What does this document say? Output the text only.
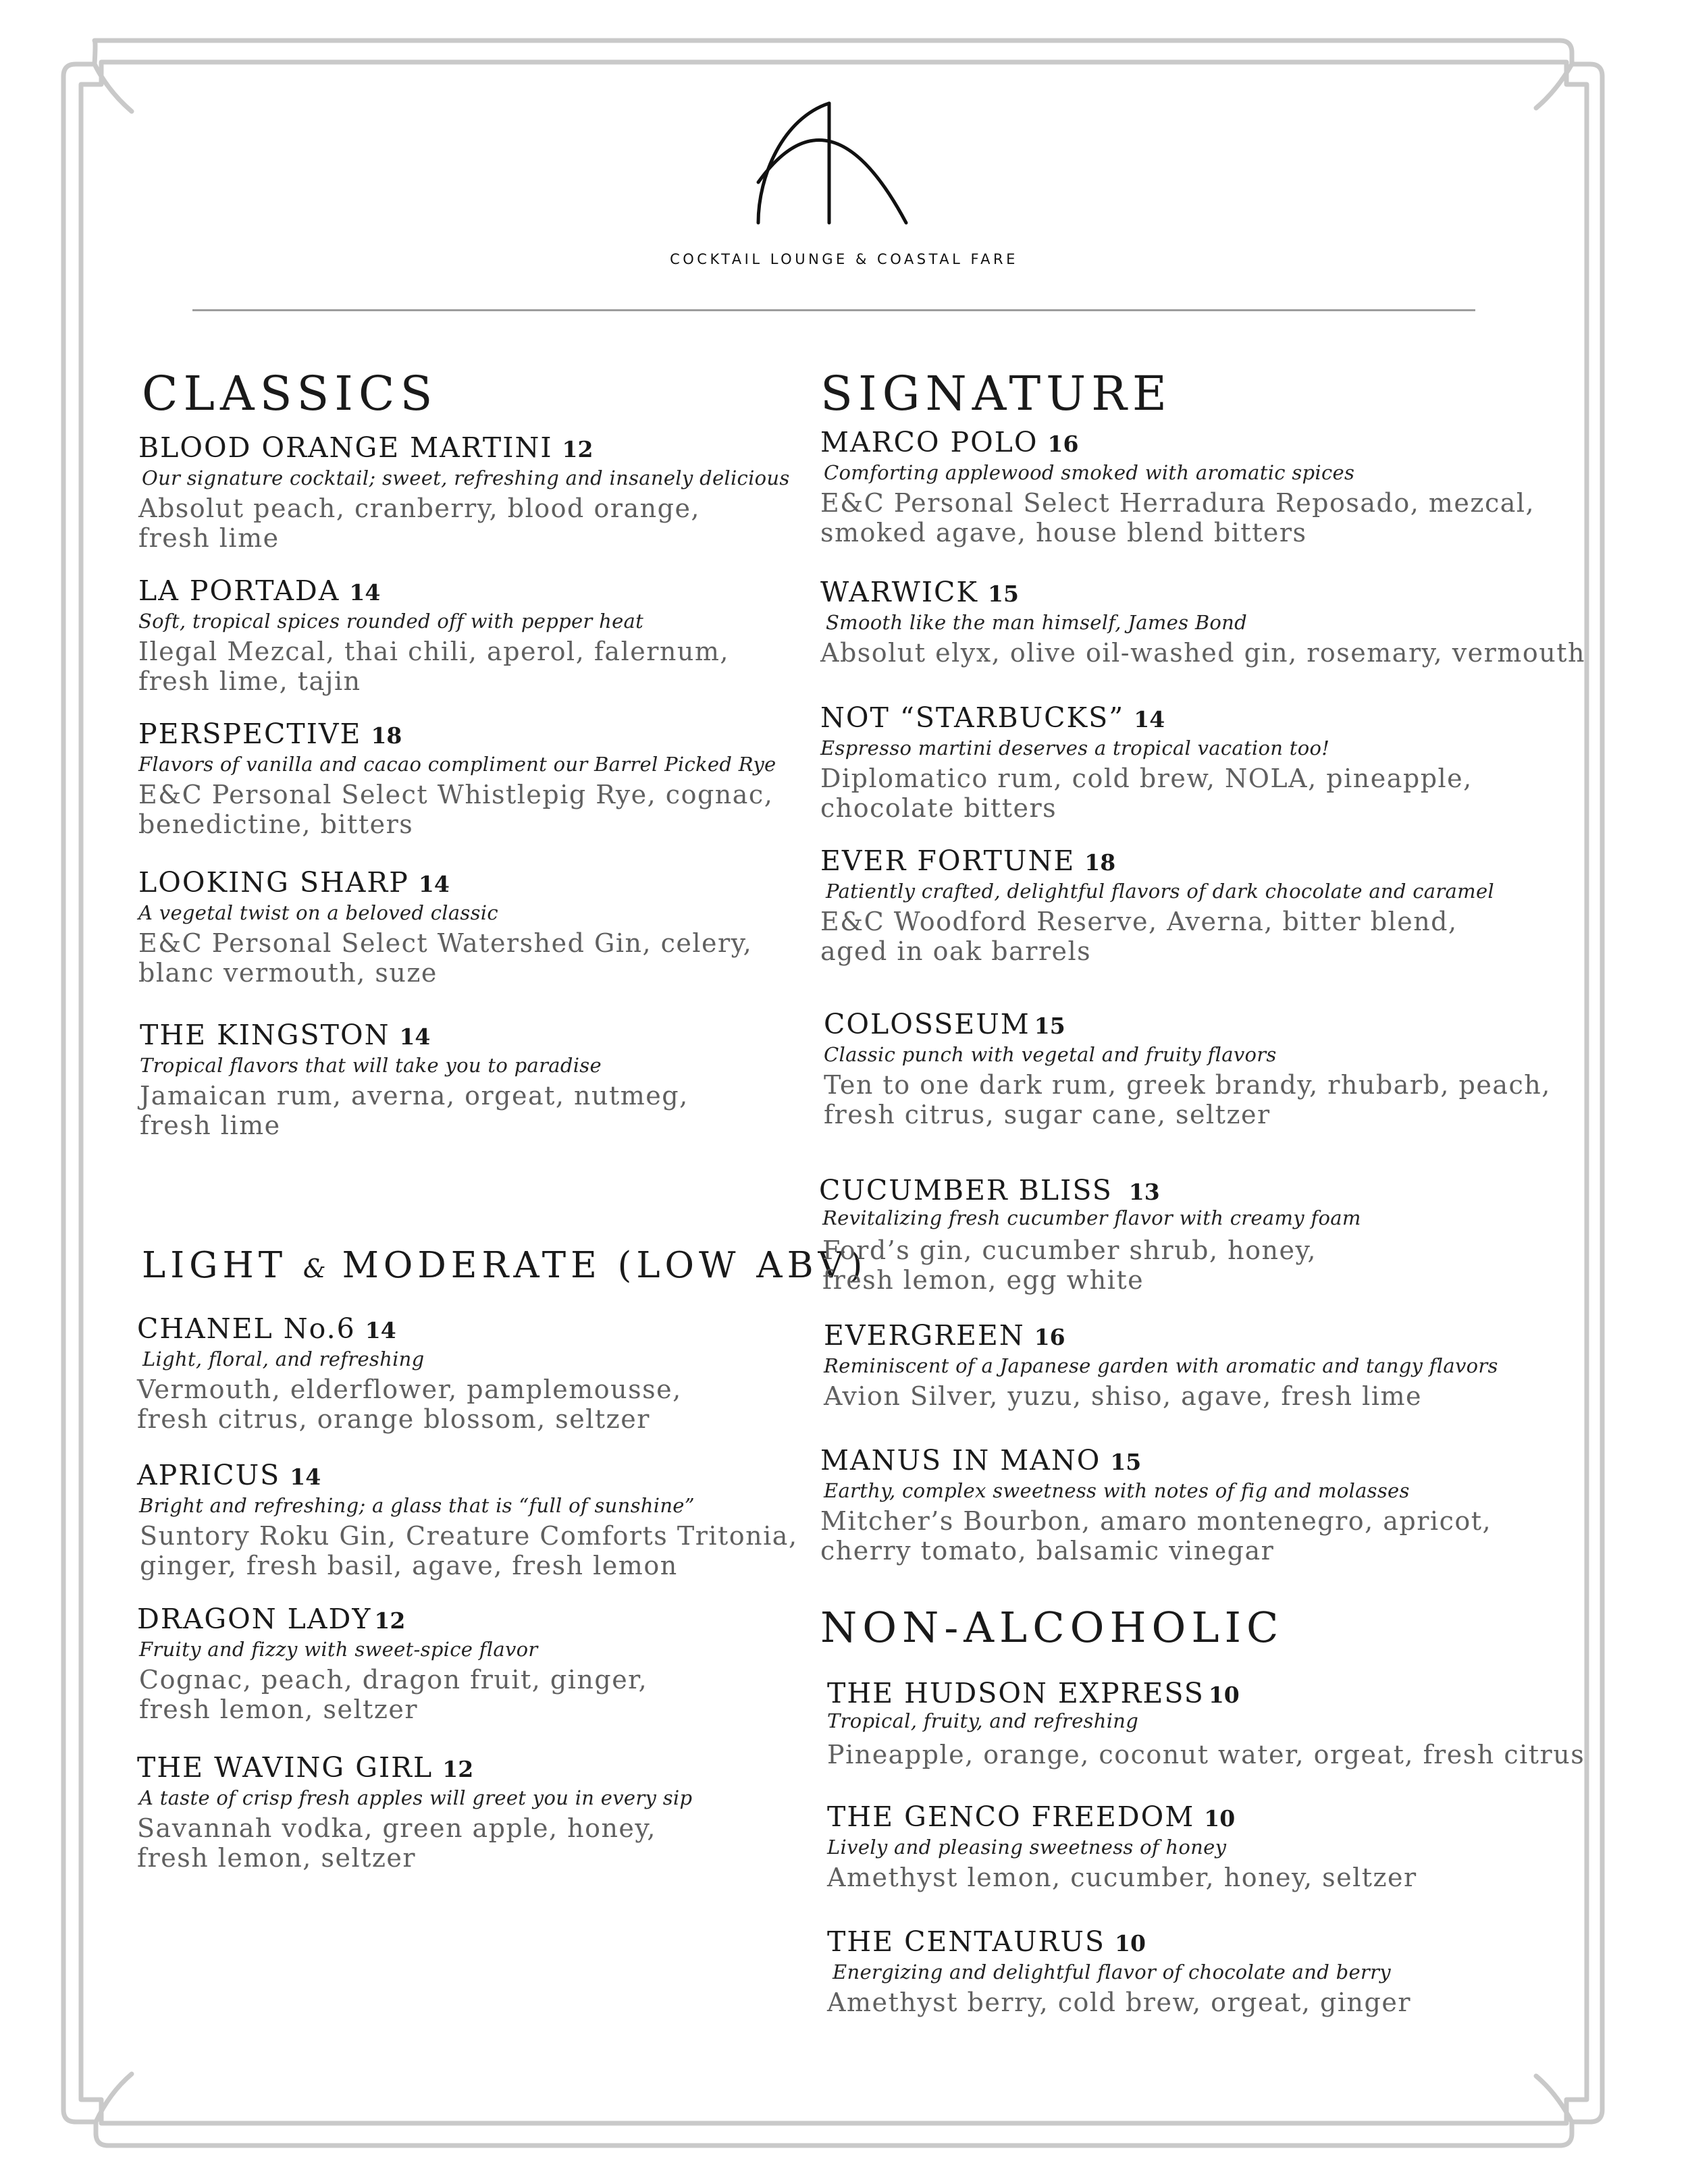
COCKTAIL LOUNGE & COASTAL FARE
CLASSICS
BLOOD ORANGE MARTINI 12
Our signature cocktail; sweet, refreshing and insanely delicious
Absolut peach, cranberry, blood orange,
fresh lime
LA PORTADA 14
Soft, tropical spices rounded off with pepper heat
Ilegal Mezcal, thai chili, aperol, falernum,
fresh lime, tajin
PERSPECTIVE 18
Flavors of vanilla and cacao compliment our Barrel Picked Rye
E&C Personal Select Whistlepig Rye, cognac,
benedictine, bitters
LOOKING SHARP 14
A vegetal twist on a beloved classic
E&C Personal Select Watershed Gin, celery,
blanc vermouth, suze
THE KINGSTON 14
Tropical flavors that will take you to paradise
Jamaican rum, averna, orgeat, nutmeg,
fresh lime
LIGHT & MODERATE (LOW ABV)
CHANEL No.6 14
Light, floral, and refreshing
Vermouth, elderflower, pamplemousse,
fresh citrus, orange blossom, seltzer
APRICUS 14
Bright and refreshing; a glass that is “full of sunshine”
Suntory Roku Gin, Creature Comforts Tritonia,
ginger, fresh basil, agave, fresh lemon
DRAGON LADY 12
Fruity and fizzy with sweet-spice flavor
Cognac, peach, dragon fruit, ginger,
fresh lemon, seltzer
THE WAVING GIRL 12
A taste of crisp fresh apples will greet you in every sip
Savannah vodka, green apple, honey,
fresh lemon, seltzer
SIGNATURE
MARCO POLO 16
Comforting applewood smoked with aromatic spices
E&C Personal Select Herradura Reposado, mezcal,
smoked agave, house blend bitters
WARWICK 15
Smooth like the man himself, James Bond
Absolut elyx, olive oil-washed gin, rosemary, vermouth
NOT “STARBUCKS” 14
Espresso martini deserves a tropical vacation too!
Diplomatico rum, cold brew, NOLA, pineapple,
chocolate bitters
EVER FORTUNE 18
Patiently crafted, delightful flavors of dark chocolate and caramel
E&C Woodford Reserve, Averna, bitter blend,
aged in oak barrels
COLOSSEUM 15
Classic punch with vegetal and fruity flavors
Ten to one dark rum, greek brandy, rhubarb, peach,
fresh citrus, sugar cane, seltzer
CUCUMBER BLISS 13
Revitalizing fresh cucumber flavor with creamy foam
Ford’s gin, cucumber shrub, honey,
fresh lemon, egg white
EVERGREEN 16
Reminiscent of a Japanese garden with aromatic and tangy flavors
Avion Silver, yuzu, shiso, agave, fresh lime
MANUS IN MANO 15
Earthy, complex sweetness with notes of fig and molasses
Mitcher’s Bourbon, amaro montenegro, apricot,
cherry tomato, balsamic vinegar
NON-ALCOHOLIC
THE HUDSON EXPRESS 10
Tropical, fruity, and refreshing
Pineapple, orange, coconut water, orgeat, fresh citrus
THE GENCO FREEDOM 10
Lively and pleasing sweetness of honey
Amethyst lemon, cucumber, honey, seltzer
THE CENTAURUS 10
Energizing and delightful flavor of chocolate and berry
Amethyst berry, cold brew, orgeat, ginger
